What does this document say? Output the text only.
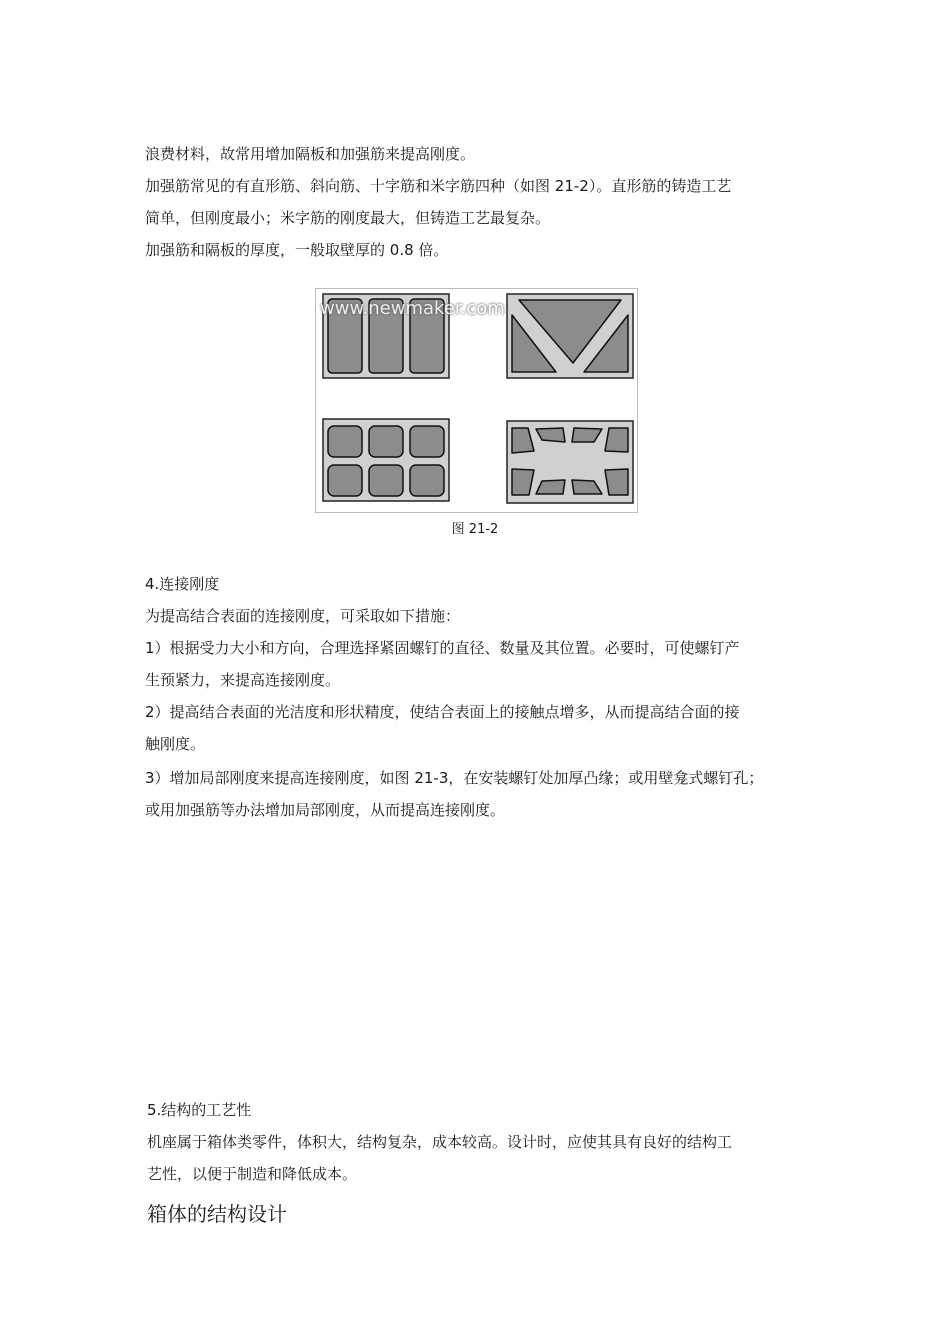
浪费材料，故常用增加隔板和加强筋来提高刚度。
加强筋常见的有直形筋、斜向筋、十字筋和米字筋四种（如图 21-2）。直形筋的铸造工艺
简单，但刚度最小；米字筋的刚度最大，但铸造工艺最复杂。
加强筋和隔板的厚度，一般取壁厚的 0.8 倍。
www.newmaker.com
图 21-2
4.连接刚度
为提高结合表面的连接刚度，可采取如下措施：
1）根据受力大小和方向，合理选择紧固螺钉的直径、数量及其位置。必要时，可使螺钉产
生预紧力，来提高连接刚度。
2）提高结合表面的光洁度和形状精度，使结合表面上的接触点增多，从而提高结合面的接
触刚度。
3）增加局部刚度来提高连接刚度，如图 21-3，在安装螺钉处加厚凸缘；或用壁龛式螺钉孔；
或用加强筋等办法增加局部刚度，从而提高连接刚度。
5.结构的工艺性
机座属于箱体类零件，体积大，结构复杂，成本较高。设计时，应使其具有良好的结构工
艺性，以便于制造和降低成本。
箱体的结构设计
